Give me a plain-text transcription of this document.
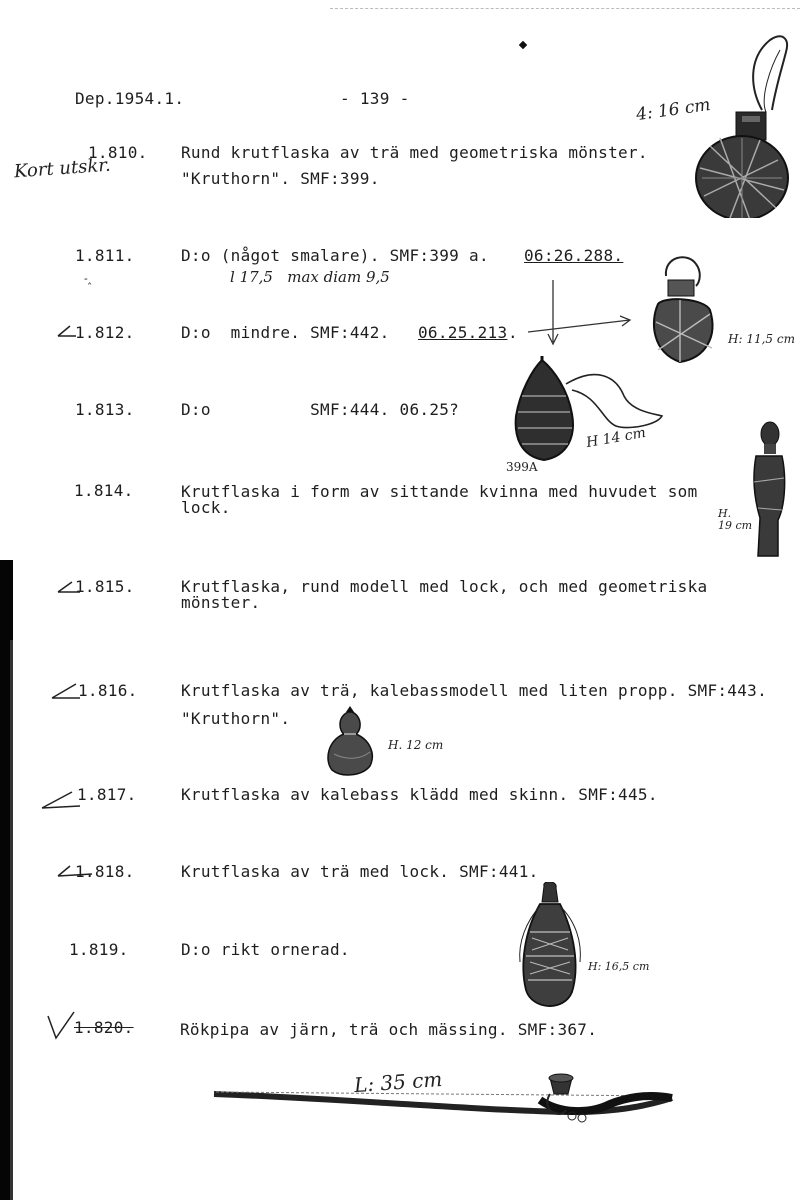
Dep.1954.1.	- 139 -
1.810. Rund krutflaska av trä med geometriska mönster.
"Kruthorn". SMF:399.
Kort utskr.
4: 16 cm
1.811.	D:o (något smalare). SMF:399 a. 06:26.288.
l 17,5   max diam 9,5
-‸
1.812.	D:o  mindre. SMF:442. 06.25.213 .	H: 11,5 cm
1.813.	D:o          SMF:444. 06.25?
H 14 cm
399A
1.814.	Krutflaska i form av sittande kvinna med huvudet som
lock.	H.
19 cm
1.815.	Krutflaska, rund modell med lock, och med geometriska
mönster.
1.816.	Krutflaska av trä, kalebassmodell med liten propp. SMF:443.
"Kruthorn".
H. 12 cm
1.817.	Krutflaska av kalebass klädd med skinn. SMF:445.
1.818.	Krutflaska av trä med lock. SMF:441.
1.819.	D:o rikt ornerad.
H: 16,5 cm
1.820.	Rökpipa av järn, trä och mässing. SMF:367.
L: 35 cm
